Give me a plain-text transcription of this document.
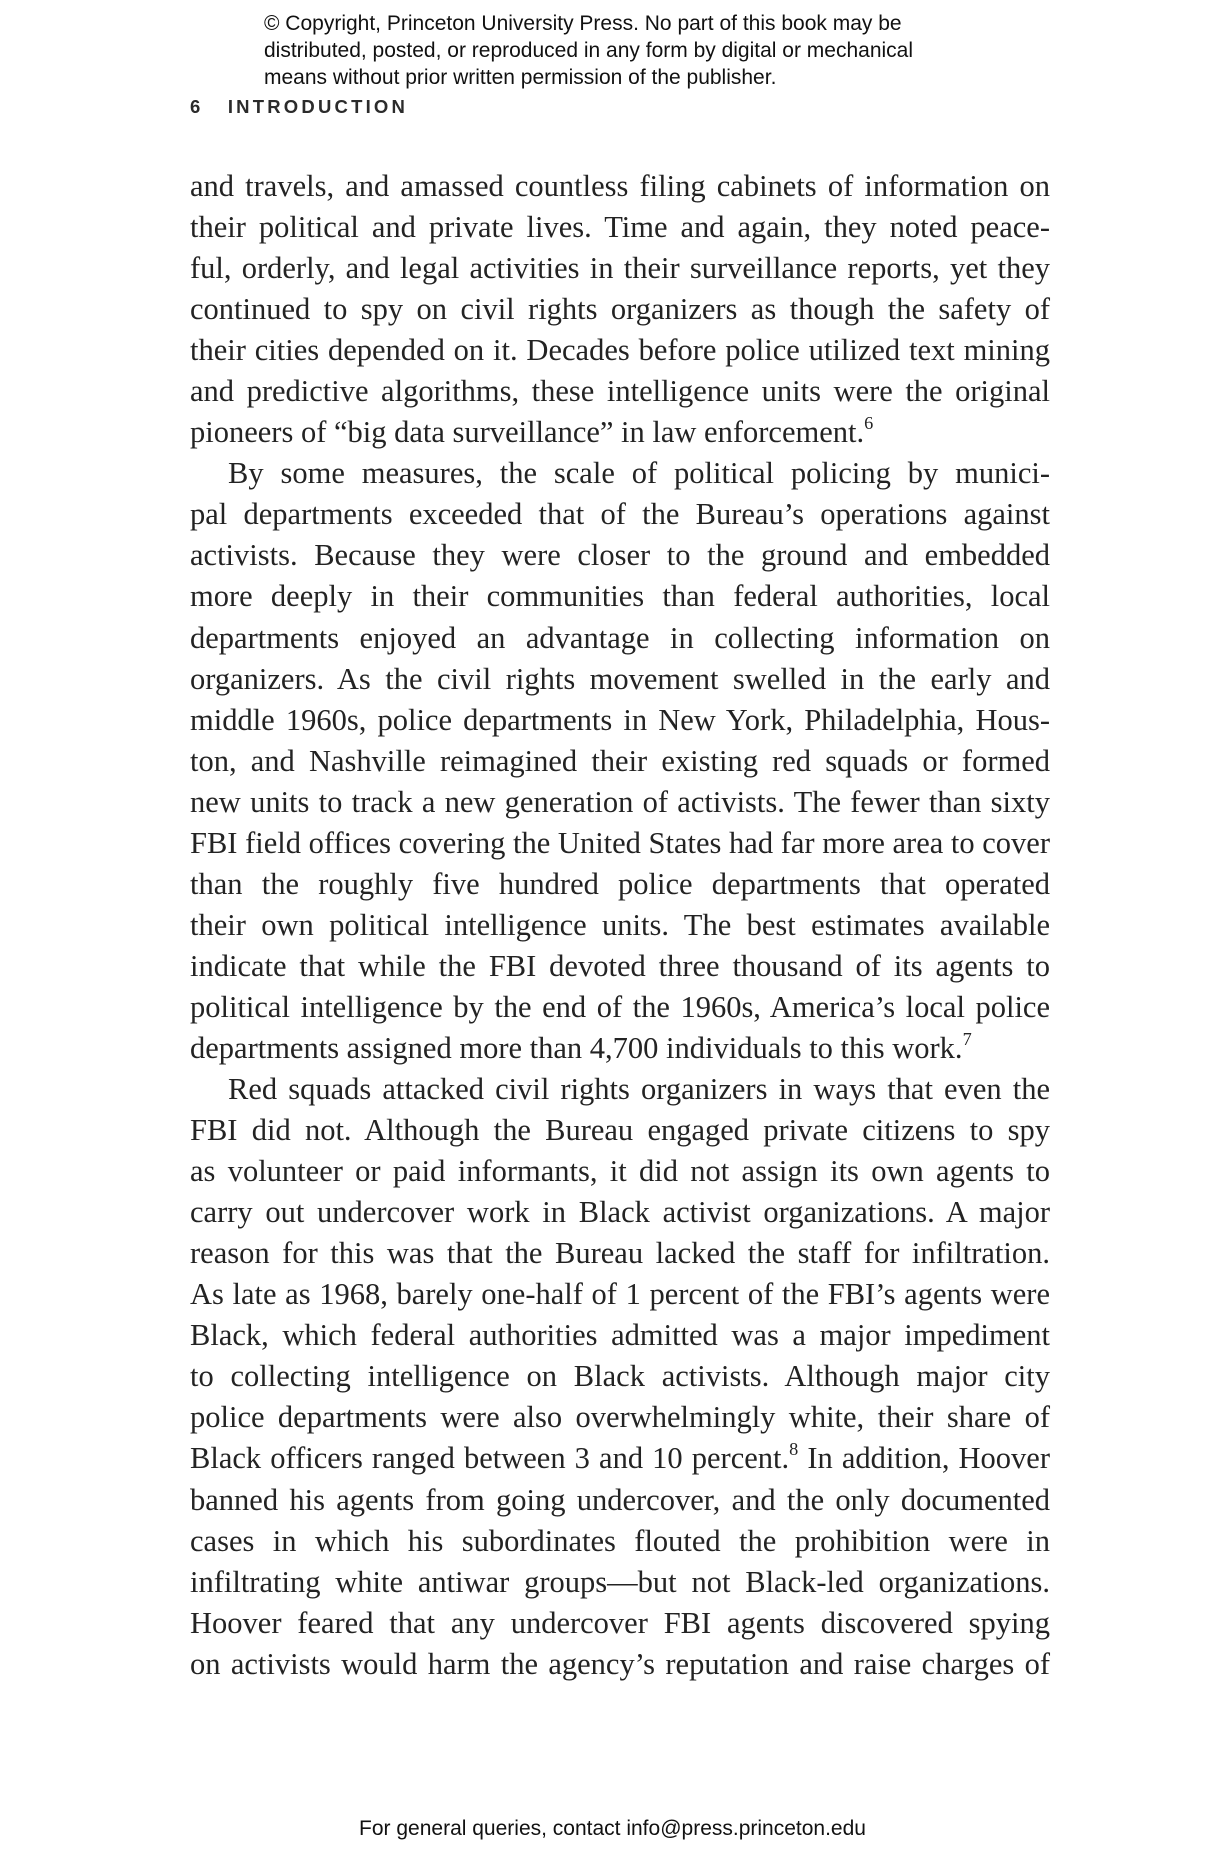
© Copyright, Princeton University Press. No part of this book may be
distributed, posted, or reproduced in any form by digital or mechanical
means without prior written permission of the publisher.
6 INTRODUCTION
and travels, and amassed countless filing cabinets of information on
their political and private lives. Time and again, they noted peace-
ful, orderly, and legal activities in their surveillance reports, yet they
continued to spy on civil rights organizers as though the safety of
their cities depended on it. Decades before police utilized text mining
and predictive algorithms, these intelligence units were the original
pioneers of “big data surveillance” in law enforcement.$^6$
By some measures, the scale of political policing by munici-
pal departments exceeded that of the Bureau’s operations against
activists. Because they were closer to the ground and embedded
more deeply in their communities than federal authorities, local
departments enjoyed an advantage in collecting information on
organizers. As the civil rights movement swelled in the early and
middle 1960s, police departments in New York, Philadelphia, Hous-
ton, and Nashville reimagined their existing red squads or formed
new units to track a new generation of activists. The fewer than sixty
FBI field offices covering the United States had far more area to cover
than the roughly five hundred police departments that operated
their own political intelligence units. The best estimates available
indicate that while the FBI devoted three thousand of its agents to
political intelligence by the end of the 1960s, America’s local police
departments assigned more than 4,700 individuals to this work.$^7$
Red squads attacked civil rights organizers in ways that even the
FBI did not. Although the Bureau engaged private citizens to spy
as volunteer or paid informants, it did not assign its own agents to
carry out undercover work in Black activist organizations. A major
reason for this was that the Bureau lacked the staff for infiltration.
As late as 1968, barely one-half of 1 percent of the FBI’s agents were
Black, which federal authorities admitted was a major impediment
to collecting intelligence on Black activists. Although major city
police departments were also overwhelmingly white, their share of
Black officers ranged between 3 and 10 percent.$^8$ In addition, Hoover
banned his agents from going undercover, and the only documented
cases in which his subordinates flouted the prohibition were in
infiltrating white antiwar groups—but not Black-led organizations.
Hoover feared that any undercover FBI agents discovered spying
on activists would harm the agency’s reputation and raise charges of
For general queries, contact info@press.princeton.edu
